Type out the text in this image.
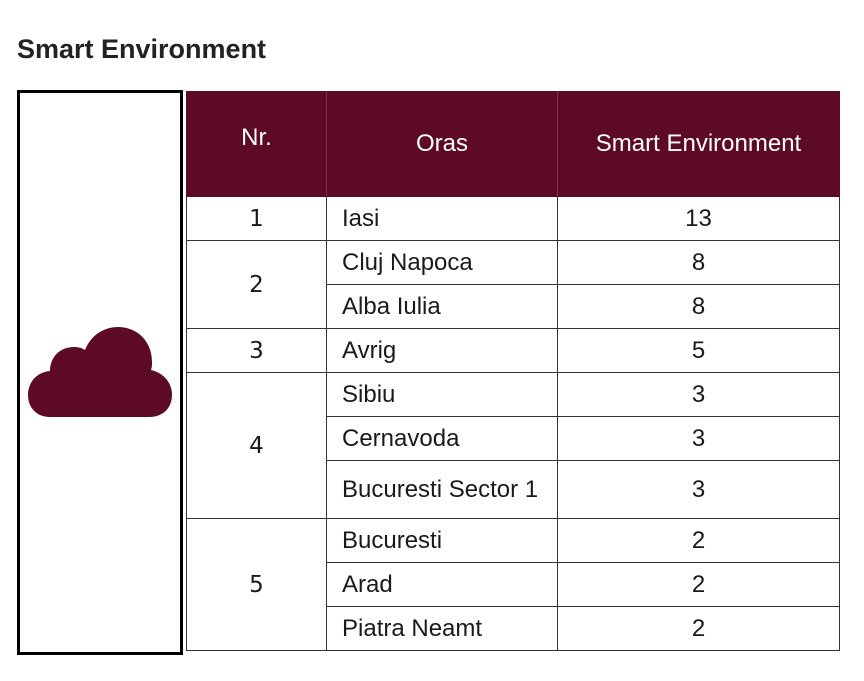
Smart Environment
Nr.	Oras	Smart Environment
1	Iasi	13
2	Cluj Napoca	8
	Alba Iulia	8
3	Avrig	5
4	Sibiu	3
	Cernavoda	3
	Bucuresti Sector 1	3
5	Bucuresti	2
	Arad	2
	Piatra Neamt	2
